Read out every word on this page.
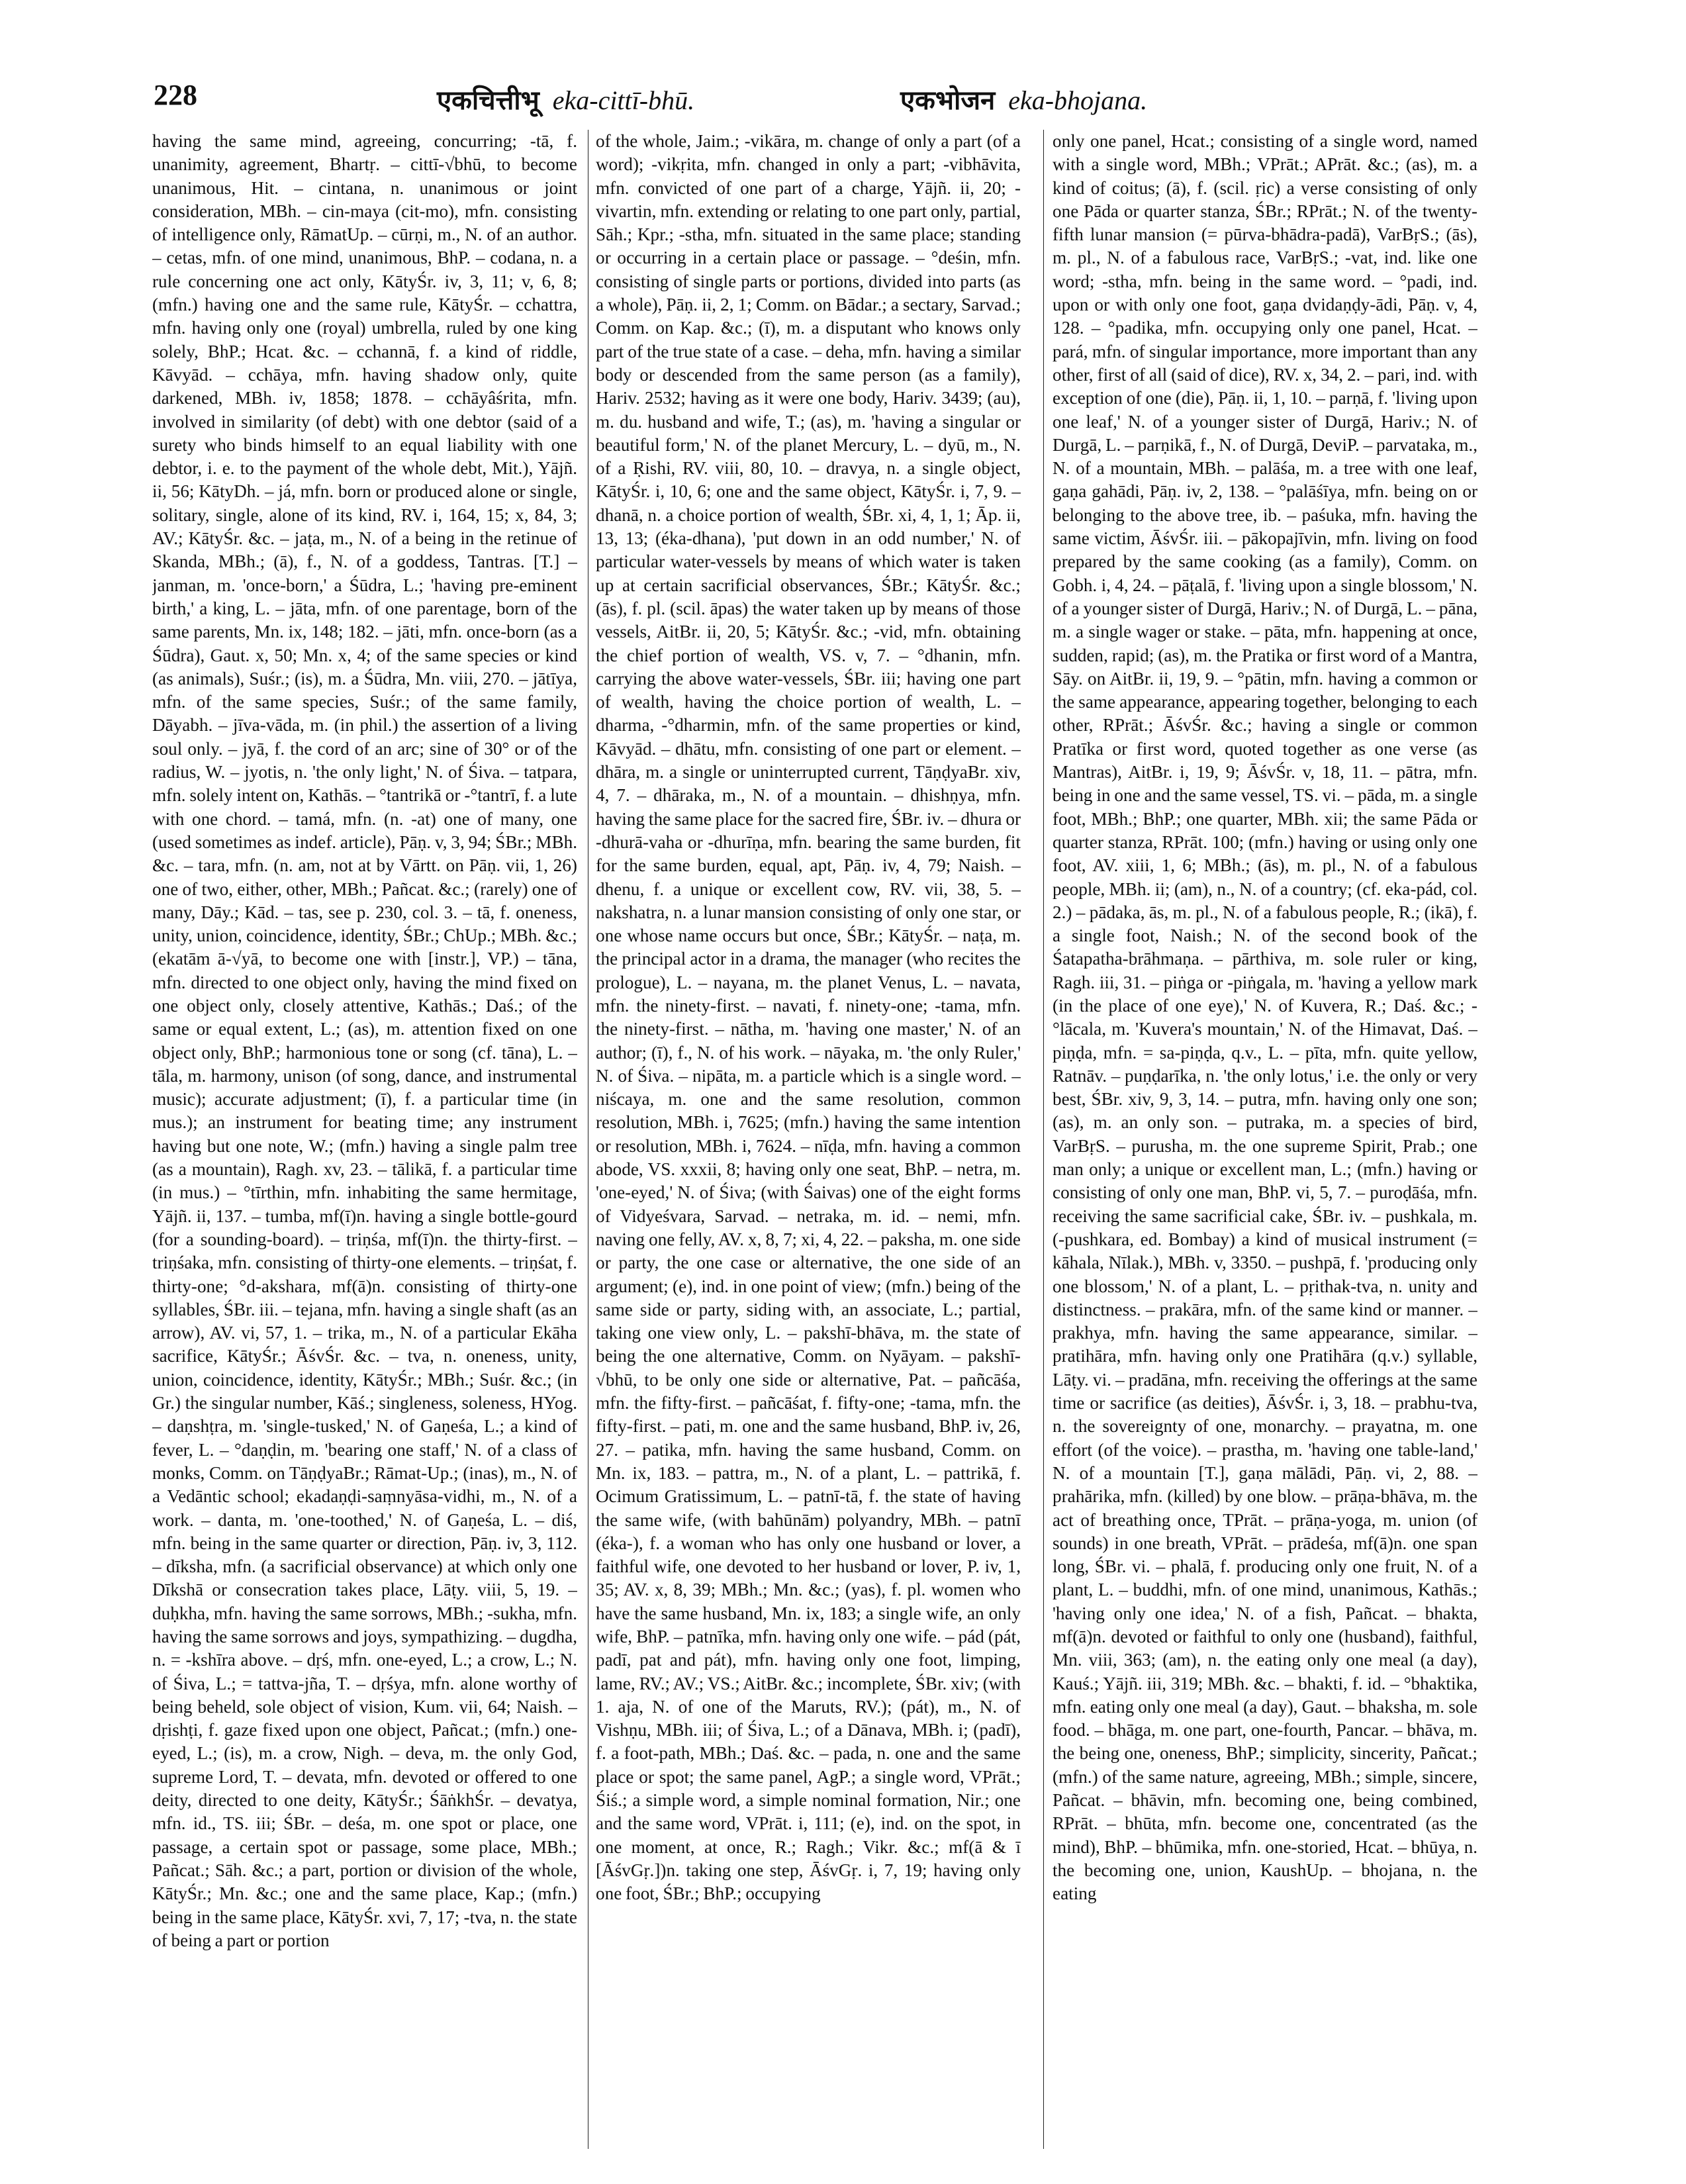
228	एकचित्तीभू eka-cittī-bhū.	एकभोजन eka-bhojana.
having the same mind, agreeing, concurring; -tā, f. unanimity, agreement, Bhartṛ. – cittī-√bhū, to become unanimous, Hit. – cintana, n. unanimous or joint consideration, MBh. – cin-maya (cit-mo), mfn. consisting of intelligence only, RāmatUp. – cūrṇi, m., N. of an author. – cetas, mfn. of one mind, unanimous, BhP. – codana, n. a rule concerning one act only, KātyŚr. iv, 3, 11; v, 6, 8; (mfn.) having one and the same rule, KātyŚr. – cchattra, mfn. having only one (royal) umbrella, ruled by one king solely, BhP.; Hcat. &c. – cchannā, f. a kind of riddle, Kāvyād. – cchāya, mfn. having shadow only, quite darkened, MBh. iv, 1858; 1878. – cchāyâśrita, mfn. involved in similarity (of debt) with one debtor (said of a surety who binds himself to an equal liability with one debtor, i. e. to the payment of the whole debt, Mit.), Yājñ. ii, 56; KātyDh. – já, mfn. born or produced alone or single, solitary, single, alone of its kind, RV. i, 164, 15; x, 84, 3; AV.; KātyŚr. &c. – jaṭa, m., N. of a being in the retinue of Skanda, MBh.; (ā), f., N. of a goddess, Tantras. [T.] – janman, m. 'once-born,' a Śūdra, L.; 'having pre-eminent birth,' a king, L. – jāta, mfn. of one parentage, born of the same parents, Mn. ix, 148; 182. – jāti, mfn. once-born (as a Śūdra), Gaut. x, 50; Mn. x, 4; of the same species or kind (as animals), Suśr.; (is), m. a Śūdra, Mn. viii, 270. – jātīya, mfn. of the same species, Suśr.; of the same family, Dāyabh. – jīva-vāda, m. (in phil.) the assertion of a living soul only. – jyā, f. the cord of an arc; sine of 30° or of the radius, W. – jyotis, n. 'the only light,' N. of Śiva. – tatpara, mfn. solely intent on, Kathās. – °tantrikā or -°tantrī, f. a lute with one chord. – tamá, mfn. (n. -at) one of many, one (used sometimes as indef. article), Pāṇ. v, 3, 94; ŚBr.; MBh. &c. – tara, mfn. (n. am, not at by Vārtt. on Pāṇ. vii, 1, 26) one of two, either, other, MBh.; Pañcat. &c.; (rarely) one of many, Dāy.; Kād. – tas, see p. 230, col. 3. – tā, f. oneness, unity, union, coincidence, identity, ŚBr.; ChUp.; MBh. &c.; (ekatām ā-√yā, to become one with [instr.], VP.) – tāna, mfn. directed to one object only, having the mind fixed on one object only, closely attentive, Kathās.; Daś.; of the same or equal extent, L.; (as), m. attention fixed on one object only, BhP.; harmonious tone or song (cf. tāna), L. – tāla, m. harmony, unison (of song, dance, and instrumental music); accurate adjustment; (ī), f. a particular time (in mus.); an instrument for beating time; any instrument having but one note, W.; (mfn.) having a single palm tree (as a mountain), Ragh. xv, 23. – tālikā, f. a particular time (in mus.) – °tīrthin, mfn. inhabiting the same hermitage, Yājñ. ii, 137. – tumba, mf(ī)n. having a single bottle-gourd (for a sounding-board). – triṇśa, mf(ī)n. the thirty-first. – triṇśaka, mfn. consisting of thirty-one elements. – triṇśat, f. thirty-one; °d-akshara, mf(ā)n. consisting of thirty-one syllables, ŚBr. iii. – tejana, mfn. having a single shaft (as an arrow), AV. vi, 57, 1. – trika, m., N. of a particular Ekāha sacrifice, KātyŚr.; ĀśvŚr. &c. – tva, n. oneness, unity, union, coincidence, identity, KātyŚr.; MBh.; Suśr. &c.; (in Gr.) the singular number, Kāś.; singleness, soleness, HYog. – daṇshṭra, m. 'single-tusked,' N. of Gaṇeśa, L.; a kind of fever, L. – °daṇḍin, m. 'bearing one staff,' N. of a class of monks, Comm. on TāṇḍyaBr.; Rāmat-Up.; (inas), m., N. of a Vedāntic school; ekadaṇḍi-saṃnyāsa-vidhi, m., N. of a work. – danta, m. 'one-toothed,' N. of Gaṇeśa, L. – diś, mfn. being in the same quarter or direction, Pāṇ. iv, 3, 112. – dīksha, mfn. (a sacrificial observance) at which only one Dīkshā or consecration takes place, Lāṭy. viii, 5, 19. – duḥkha, mfn. having the same sorrows, MBh.; -sukha, mfn. having the same sorrows and joys, sympathizing. – dugdha, n. = -kshīra above. – dṛś, mfn. one-eyed, L.; a crow, L.; N. of Śiva, L.; = tattva-jña, T. – dṛśya, mfn. alone worthy of being beheld, sole object of vision, Kum. vii, 64; Naish. – dṛishṭi, f. gaze fixed upon one object, Pañcat.; (mfn.) one-eyed, L.; (is), m. a crow, Nigh. – deva, m. the only God, supreme Lord, T. – devata, mfn. devoted or offered to one deity, directed to one deity, KātyŚr.; ŚāṅkhŚr. – devatya, mfn. id., TS. iii; ŚBr. – deśa, m. one spot or place, one passage, a certain spot or passage, some place, MBh.; Pañcat.; Sāh. &c.; a part, portion or division of the whole, KātyŚr.; Mn. &c.; one and the same place, Kap.; (mfn.) being in the same place, KātyŚr. xvi, 7, 17; -tva, n. the state of being a part or portion
of the whole, Jaim.; -vikāra, m. change of only a part (of a word); -vikṛita, mfn. changed in only a part; -vibhāvita, mfn. convicted of one part of a charge, Yājñ. ii, 20; -vivartin, mfn. extending or relating to one part only, partial, Sāh.; Kpr.; -stha, mfn. situated in the same place; standing or occurring in a certain place or passage. – °deśin, mfn. consisting of single parts or portions, divided into parts (as a whole), Pāṇ. ii, 2, 1; Comm. on Bādar.; a sectary, Sarvad.; Comm. on Kap. &c.; (ī), m. a disputant who knows only part of the true state of a case. – deha, mfn. having a similar body or descended from the same person (as a family), Hariv. 2532; having as it were one body, Hariv. 3439; (au), m. du. husband and wife, T.; (as), m. 'having a singular or beautiful form,' N. of the planet Mercury, L. – dyū, m., N. of a Ṛishi, RV. viii, 80, 10. – dravya, n. a single object, KātyŚr. i, 10, 6; one and the same object, KātyŚr. i, 7, 9. – dhanā, n. a choice portion of wealth, ŚBr. xi, 4, 1, 1; Āp. ii, 13, 13; (éka-dhana), 'put down in an odd number,' N. of particular water-vessels by means of which water is taken up at certain sacrificial observances, ŚBr.; KātyŚr. &c.; (ās), f. pl. (scil. āpas) the water taken up by means of those vessels, AitBr. ii, 20, 5; KātyŚr. &c.; -vid, mfn. obtaining the chief portion of wealth, VS. v, 7. – °dhanin, mfn. carrying the above water-vessels, ŚBr. iii; having one part of wealth, having the choice portion of wealth, L. – dharma, -°dharmin, mfn. of the same properties or kind, Kāvyād. – dhātu, mfn. consisting of one part or element. – dhāra, m. a single or uninterrupted current, TāṇḍyaBr. xiv, 4, 7. – dhāraka, m., N. of a mountain. – dhishṇya, mfn. having the same place for the sacred fire, ŚBr. iv. – dhura or -dhurā-vaha or -dhurīṇa, mfn. bearing the same burden, fit for the same burden, equal, apt, Pāṇ. iv, 4, 79; Naish. – dhenu, f. a unique or excellent cow, RV. vii, 38, 5. – nakshatra, n. a lunar mansion consisting of only one star, or one whose name occurs but once, ŚBr.; KātyŚr. – naṭa, m. the principal actor in a drama, the manager (who recites the prologue), L. – nayana, m. the planet Venus, L. – navata, mfn. the ninety-first. – navati, f. ninety-one; -tama, mfn. the ninety-first. – nātha, m. 'having one master,' N. of an author; (ī), f., N. of his work. – nāyaka, m. 'the only Ruler,' N. of Śiva. – nipāta, m. a particle which is a single word. – niścaya, m. one and the same resolution, common resolution, MBh. i, 7625; (mfn.) having the same intention or resolution, MBh. i, 7624. – nīḍa, mfn. having a common abode, VS. xxxii, 8; having only one seat, BhP. – netra, m. 'one-eyed,' N. of Śiva; (with Śaivas) one of the eight forms of Vidyeśvara, Sarvad. – netraka, m. id. – nemi, mfn. naving one felly, AV. x, 8, 7; xi, 4, 22. – paksha, m. one side or party, the one case or alternative, the one side of an argument; (e), ind. in one point of view; (mfn.) being of the same side or party, siding with, an associate, L.; partial, taking one view only, L. – pakshī-bhāva, m. the state of being the one alternative, Comm. on Nyāyam. – pakshī-√bhū, to be only one side or alternative, Pat. – pañcāśa, mfn. the fifty-first. – pañcāśat, f. fifty-one; -tama, mfn. the fifty-first. – pati, m. one and the same husband, BhP. iv, 26, 27. – patika, mfn. having the same husband, Comm. on Mn. ix, 183. – pattra, m., N. of a plant, L. – pattrikā, f. Ocimum Gratissimum, L. – patnī-tā, f. the state of having the same wife, (with bahūnām) polyandry, MBh. – patnī (éka-), f. a woman who has only one husband or lover, a faithful wife, one devoted to her husband or lover, P. iv, 1, 35; AV. x, 8, 39; MBh.; Mn. &c.; (yas), f. pl. women who have the same husband, Mn. ix, 183; a single wife, an only wife, BhP. – patnīka, mfn. having only one wife. – pád (pát, padī, pat and pát), mfn. having only one foot, limping, lame, RV.; AV.; VS.; AitBr. &c.; incomplete, ŚBr. xiv; (with 1. aja, N. of one of the Maruts, RV.); (pát), m., N. of Vishṇu, MBh. iii; of Śiva, L.; of a Dānava, MBh. i; (padī), f. a foot-path, MBh.; Daś. &c. – pada, n. one and the same place or spot; the same panel, AgP.; a single word, VPrāt.; Śiś.; a simple word, a simple nominal formation, Nir.; one and the same word, VPrāt. i, 111; (e), ind. on the spot, in one moment, at once, R.; Ragh.; Vikr. &c.; mf(ā & ī [ĀśvGṛ.])n. taking one step, ĀśvGṛ. i, 7, 19; having only one foot, ŚBr.; BhP.; occupying
only one panel, Hcat.; consisting of a single word, named with a single word, MBh.; VPrāt.; APrāt. &c.; (as), m. a kind of coitus; (ā), f. (scil. ṛic) a verse consisting of only one Pāda or quarter stanza, ŚBr.; RPrāt.; N. of the twenty-fifth lunar mansion (= pūrva-bhādra-padā), VarBṛS.; (ās), m. pl., N. of a fabulous race, VarBṛS.; -vat, ind. like one word; -stha, mfn. being in the same word. – °padi, ind. upon or with only one foot, gaṇa dvidaṇḍy-ādi, Pāṇ. v, 4, 128. – °padika, mfn. occupying only one panel, Hcat. – pará, mfn. of singular importance, more important than any other, first of all (said of dice), RV. x, 34, 2. – pari, ind. with exception of one (die), Pāṇ. ii, 1, 10. – parṇā, f. 'living upon one leaf,' N. of a younger sister of Durgā, Hariv.; N. of Durgā, L. – parṇikā, f., N. of Durgā, DeviP. – parvataka, m., N. of a mountain, MBh. – palāśa, m. a tree with one leaf, gaṇa gahādi, Pāṇ. iv, 2, 138. – °palāśīya, mfn. being on or belonging to the above tree, ib. – paśuka, mfn. having the same victim, ĀśvŚr. iii. – pākopajīvin, mfn. living on food prepared by the same cooking (as a family), Comm. on Gobh. i, 4, 24. – pāṭalā, f. 'living upon a single blossom,' N. of a younger sister of Durgā, Hariv.; N. of Durgā, L. – pāna, m. a single wager or stake. – pāta, mfn. happening at once, sudden, rapid; (as), m. the Pratika or first word of a Mantra, Sāy. on AitBr. ii, 19, 9. – °pātin, mfn. having a common or the same appearance, appearing together, belonging to each other, RPrāt.; ĀśvŚr. &c.; having a single or common Pratīka or first word, quoted together as one verse (as Mantras), AitBr. i, 19, 9; ĀśvŚr. v, 18, 11. – pātra, mfn. being in one and the same vessel, TS. vi. – pāda, m. a single foot, MBh.; BhP.; one quarter, MBh. xii; the same Pāda or quarter stanza, RPrāt. 100; (mfn.) having or using only one foot, AV. xiii, 1, 6; MBh.; (ās), m. pl., N. of a fabulous people, MBh. ii; (am), n., N. of a country; (cf. eka-pád, col. 2.) – pādaka, ās, m. pl., N. of a fabulous people, R.; (ikā), f. a single foot, Naish.; N. of the second book of the Śatapatha-brāhmaṇa. – pārthiva, m. sole ruler or king, Ragh. iii, 31. – piṅga or -piṅgala, m. 'having a yellow mark (in the place of one eye),' N. of Kuvera, R.; Daś. &c.; -°lācala, m. 'Kuvera's mountain,' N. of the Himavat, Daś. – piṇḍa, mfn. = sa-piṇḍa, q.v., L. – pīta, mfn. quite yellow, Ratnāv. – puṇḍarīka, n. 'the only lotus,' i.e. the only or very best, ŚBr. xiv, 9, 3, 14. – putra, mfn. having only one son; (as), m. an only son. – putraka, m. a species of bird, VarBṛS. – purusha, m. the one supreme Spirit, Prab.; one man only; a unique or excellent man, L.; (mfn.) having or consisting of only one man, BhP. vi, 5, 7. – puroḍāśa, mfn. receiving the same sacrificial cake, ŚBr. iv. – pushkala, m. (-pushkara, ed. Bombay) a kind of musical instrument (= kāhala, Nīlak.), MBh. v, 3350. – pushpā, f. 'producing only one blossom,' N. of a plant, L. – pṛithak-tva, n. unity and distinctness. – prakāra, mfn. of the same kind or manner. – prakhya, mfn. having the same appearance, similar. – pratihāra, mfn. having only one Pratihāra (q.v.) syllable, Lāṭy. vi. – pradāna, mfn. receiving the offerings at the same time or sacrifice (as deities), ĀśvŚr. i, 3, 18. – prabhu-tva, n. the sovereignty of one, monarchy. – prayatna, m. one effort (of the voice). – prastha, m. 'having one table-land,' N. of a mountain [T.], gaṇa mālādi, Pāṇ. vi, 2, 88. – prahārika, mfn. (killed) by one blow. – prāṇa-bhāva, m. the act of breathing once, TPrāt. – prāṇa-yoga, m. union (of sounds) in one breath, VPrāt. – prādeśa, mf(ā)n. one span long, ŚBr. vi. – phalā, f. producing only one fruit, N. of a plant, L. – buddhi, mfn. of one mind, unanimous, Kathās.; 'having only one idea,' N. of a fish, Pañcat. – bhakta, mf(ā)n. devoted or faithful to only one (husband), faithful, Mn. viii, 363; (am), n. the eating only one meal (a day), Kauś.; Yājñ. iii, 319; MBh. &c. – bhakti, f. id. – °bhaktika, mfn. eating only one meal (a day), Gaut. – bhaksha, m. sole food. – bhāga, m. one part, one-fourth, Pancar. – bhāva, m. the being one, oneness, BhP.; simplicity, sincerity, Pañcat.; (mfn.) of the same nature, agreeing, MBh.; simple, sincere, Pañcat. – bhāvin, mfn. becoming one, being combined, RPrāt. – bhūta, mfn. become one, concentrated (as the mind), BhP. – bhūmika, mfn. one-storied, Hcat. – bhūya, n. the becoming one, union, KaushUp. – bhojana, n. the eating
